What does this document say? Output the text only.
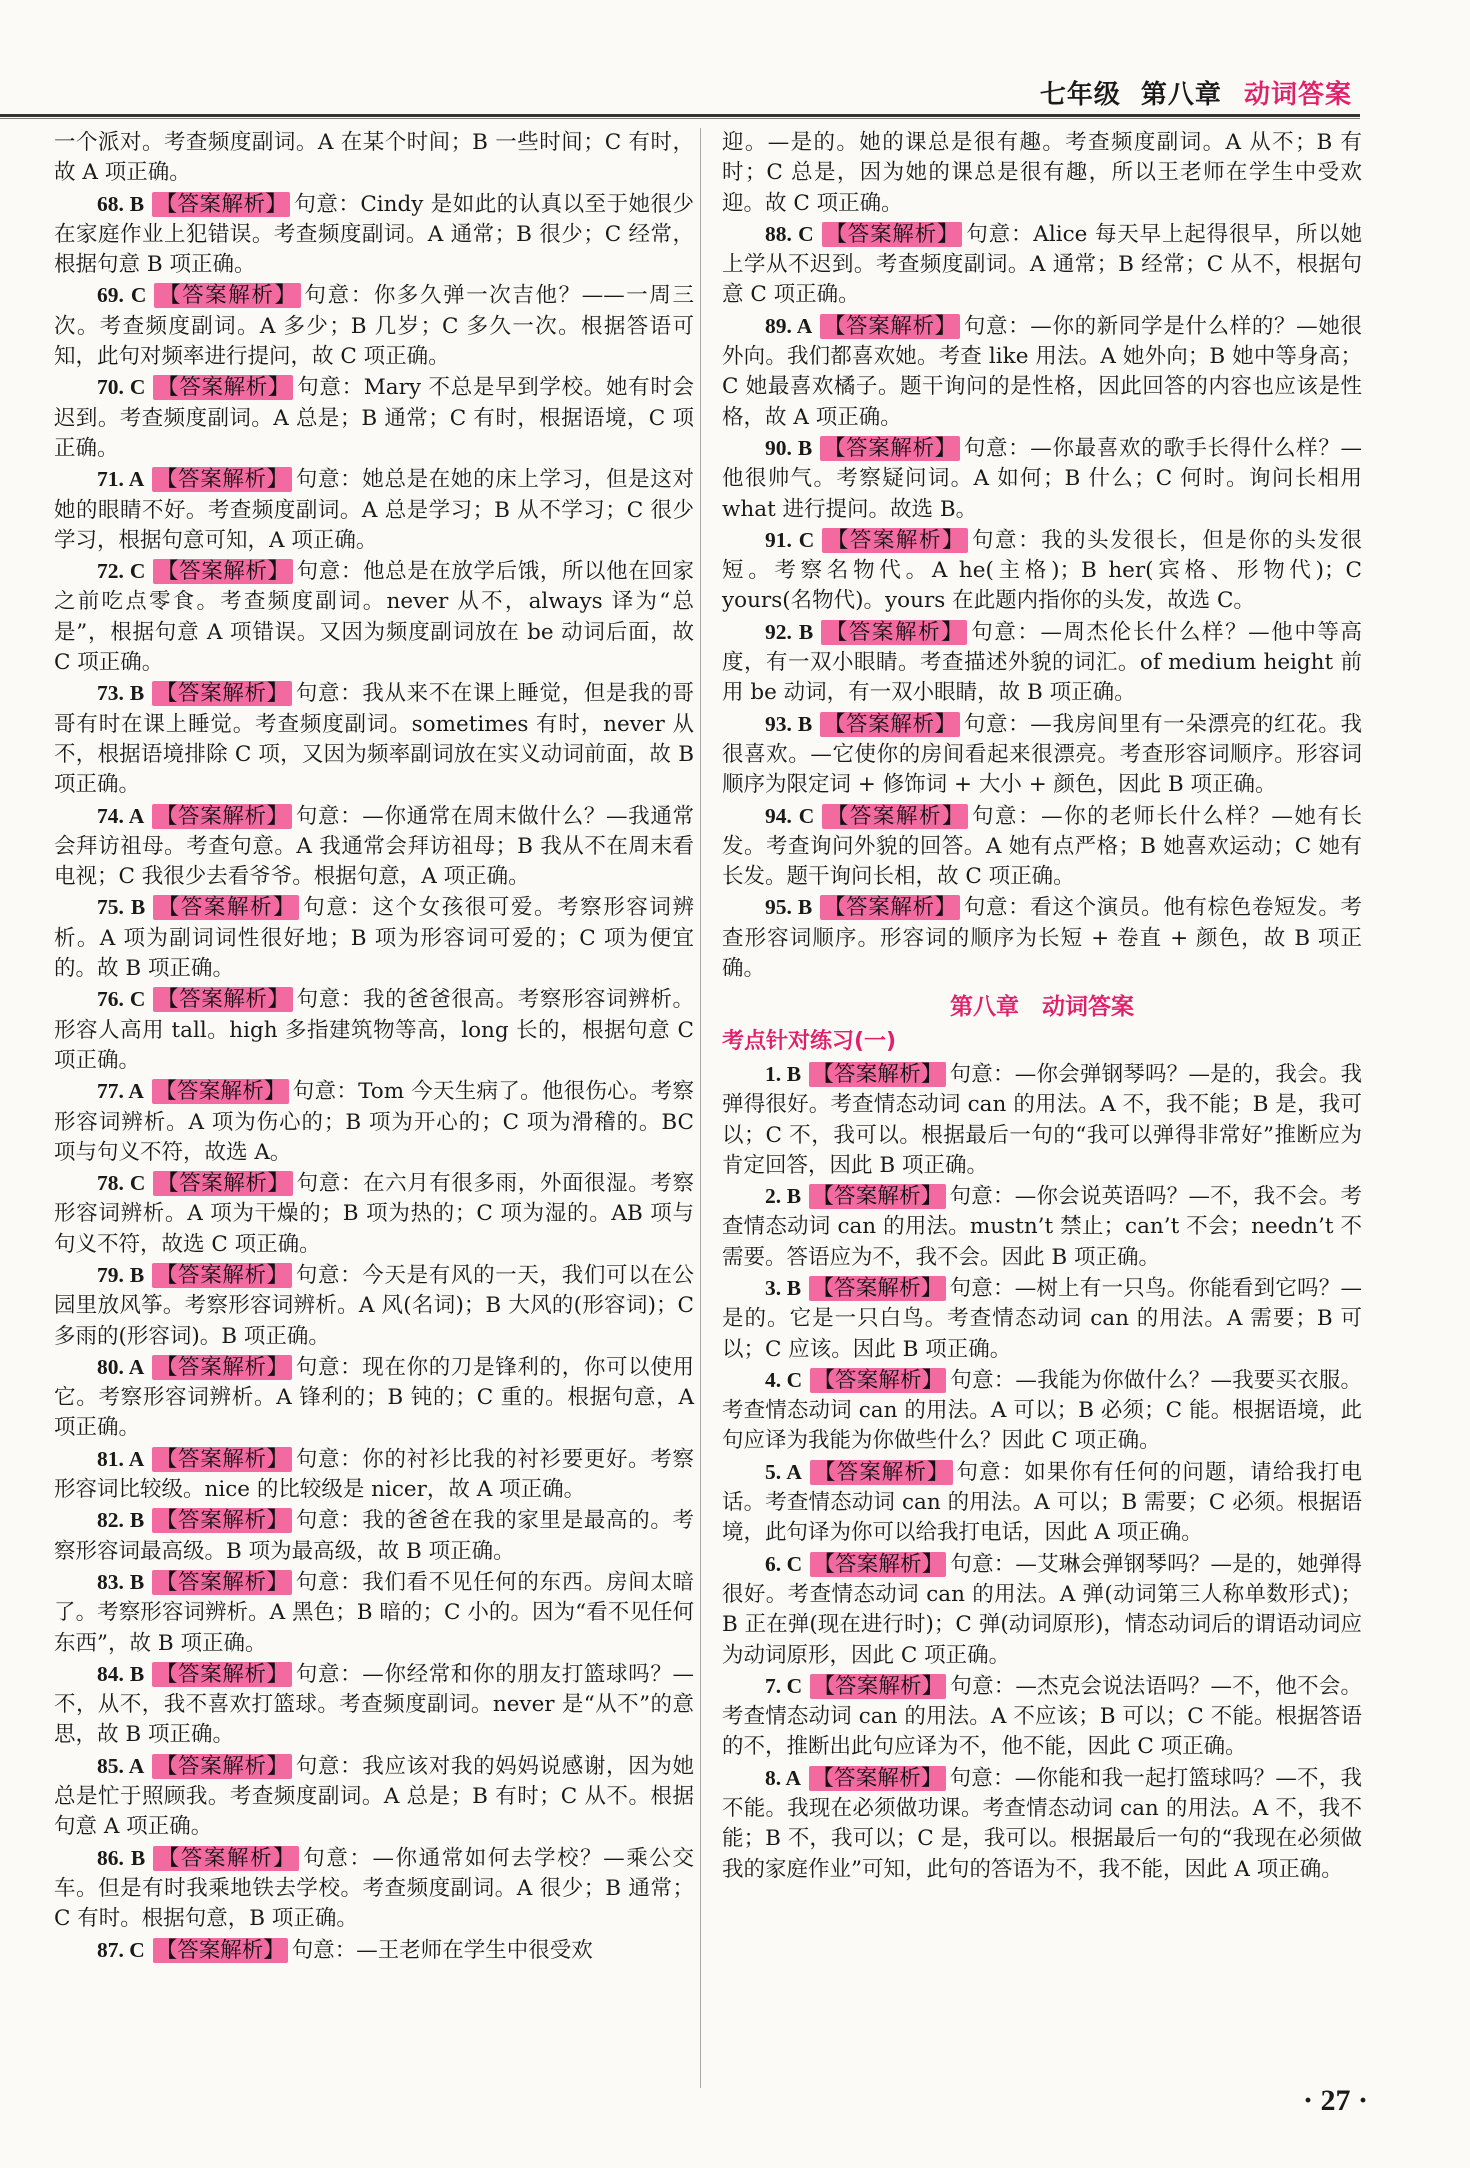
七年级 第八章 动词答案

一个派对。考查频度副词。A 在某个时间；B 一些时间；C 有时，故 A 项正确。

68. B 【答案解析】 句意：Cindy 是如此的认真以至于她很少在家庭作业上犯错误。考查频度副词。A 通常；B 很少；C 经常，根据句意 B 项正确。

69. C 【答案解析】 句意：你多久弹一次吉他？——一周三次。考查频度副词。A 多少；B 几岁；C 多久一次。根据答语可知，此句对频率进行提问，故 C 项正确。

70. C 【答案解析】 句意：Mary 不总是早到学校。她有时会迟到。考查频度副词。A 总是；B 通常；C 有时，根据语境，C 项正确。

71. A 【答案解析】 句意：她总是在她的床上学习，但是这对她的眼睛不好。考查频度副词。A 总是学习；B 从不学习；C 很少学习，根据句意可知，A 项正确。

72. C 【答案解析】 句意：他总是在放学后饿，所以他在回家之前吃点零食。考查频度副词。never 从不，always 译为“总是”，根据句意 A 项错误。又因为频度副词放在 be 动词后面，故 C 项正确。

73. B 【答案解析】 句意：我从来不在课上睡觉，但是我的哥哥有时在课上睡觉。考查频度副词。sometimes 有时，never 从不，根据语境排除 C 项，又因为频率副词放在实义动词前面，故 B 项正确。

74. A 【答案解析】 句意：—你通常在周末做什么？—我通常会拜访祖母。考查句意。A 我通常会拜访祖母；B 我从不在周末看电视；C 我很少去看爷爷。根据句意，A 项正确。

75. B 【答案解析】 句意：这个女孩很可爱。考察形容词辨析。A 项为副词词性很好地；B 项为形容词可爱的；C 项为便宜的。故 B 项正确。

76. C 【答案解析】 句意：我的爸爸很高。考察形容词辨析。形容人高用 tall。high 多指建筑物等高，long 长的，根据句意 C 项正确。

77. A 【答案解析】 句意：Tom 今天生病了。他很伤心。考察形容词辨析。A 项为伤心的；B 项为开心的；C 项为滑稽的。BC 项与句义不符，故选 A。

78. C 【答案解析】 句意：在六月有很多雨，外面很湿。考察形容词辨析。A 项为干燥的；B 项为热的；C 项为湿的。AB 项与句义不符，故选 C 项正确。

79. B 【答案解析】 句意：今天是有风的一天，我们可以在公园里放风筝。考察形容词辨析。A 风(名词)；B 大风的(形容词)；C 多雨的(形容词)。B 项正确。

80. A 【答案解析】 句意：现在你的刀是锋利的，你可以使用它。考察形容词辨析。A 锋利的；B 钝的；C 重的。根据句意，A 项正确。

81. A 【答案解析】 句意：你的衬衫比我的衬衫要更好。考察形容词比较级。nice 的比较级是 nicer，故 A 项正确。

82. B 【答案解析】 句意：我的爸爸在我的家里是最高的。考察形容词最高级。B 项为最高级，故 B 项正确。

83. B 【答案解析】 句意：我们看不见任何的东西。房间太暗了。考察形容词辨析。A 黑色；B 暗的；C 小的。因为“看不见任何东西”，故 B 项正确。

84. B 【答案解析】 句意：—你经常和你的朋友打篮球吗？—不，从不，我不喜欢打篮球。考查频度副词。never 是“从不”的意思，故 B 项正确。

85. A 【答案解析】 句意：我应该对我的妈妈说感谢，因为她总是忙于照顾我。考查频度副词。A 总是；B 有时；C 从不。根据句意 A 项正确。

86. B 【答案解析】 句意：—你通常如何去学校？—乘公交车。但是有时我乘地铁去学校。考查频度副词。A 很少；B 通常；C 有时。根据句意，B 项正确。

87. C 【答案解析】 句意：—王老师在学生中很受欢

迎。—是的。她的课总是很有趣。考查频度副词。A 从不；B 有时；C 总是，因为她的课总是很有趣，所以王老师在学生中受欢迎。故 C 项正确。

88. C 【答案解析】 句意：Alice 每天早上起得很早，所以她上学从不迟到。考查频度副词。A 通常；B 经常；C 从不，根据句意 C 项正确。

89. A 【答案解析】 句意：—你的新同学是什么样的？—她很外向。我们都喜欢她。考查 like 用法。A 她外向；B 她中等身高；C 她最喜欢橘子。题干询问的是性格，因此回答的内容也应该是性格，故 A 项正确。

90. B 【答案解析】 句意：—你最喜欢的歌手长得什么样？—他很帅气。考察疑问词。A 如何；B 什么；C 何时。询问长相用 what 进行提问。故选 B。

91. C 【答案解析】 句意：我的头发很长，但是你的头发很短。考察名物代。A he(主格)；B her(宾格、形物代)；C yours(名物代)。yours 在此题内指你的头发，故选 C。

92. B 【答案解析】 句意：—周杰伦长什么样？—他中等高度，有一双小眼睛。考查描述外貌的词汇。of medium height 前用 be 动词，有一双小眼睛，故 B 项正确。

93. B 【答案解析】 句意：—我房间里有一朵漂亮的红花。我很喜欢。—它使你的房间看起来很漂亮。考查形容词顺序。形容词顺序为限定词 + 修饰词 + 大小 + 颜色，因此 B 项正确。

94. C 【答案解析】 句意：—你的老师长什么样？—她有长发。考查询问外貌的回答。A 她有点严格；B 她喜欢运动；C 她有长发。题干询问长相，故 C 项正确。

95. B 【答案解析】 句意：看这个演员。他有棕色卷短发。考查形容词顺序。形容词的顺序为长短 + 卷直 + 颜色，故 B 项正确。

第八章　动词答案
考点针对练习(一)

1. B 【答案解析】 句意：—你会弹钢琴吗？—是的，我会。我弹得很好。考查情态动词 can 的用法。A 不，我不能；B 是，我可以；C 不，我可以。根据最后一句的“我可以弹得非常好”推断应为肯定回答，因此 B 项正确。

2. B 【答案解析】 句意：—你会说英语吗？—不，我不会。考查情态动词 can 的用法。mustn’t 禁止；can’t 不会；needn’t 不需要。答语应为不，我不会。因此 B 项正确。

3. B 【答案解析】 句意：—树上有一只鸟。你能看到它吗？—是的。它是一只白鸟。考查情态动词 can 的用法。A 需要；B 可以；C 应该。因此 B 项正确。

4. C 【答案解析】 句意：—我能为你做什么？—我要买衣服。考查情态动词 can 的用法。A 可以；B 必须；C 能。根据语境，此句应译为我能为你做些什么？因此 C 项正确。

5. A 【答案解析】 句意：如果你有任何的问题，请给我打电话。考查情态动词 can 的用法。A 可以；B 需要；C 必须。根据语境，此句译为你可以给我打电话，因此 A 项正确。

6. C 【答案解析】 句意：—艾琳会弹钢琴吗？—是的，她弹得很好。考查情态动词 can 的用法。A 弹(动词第三人称单数形式)；B 正在弹(现在进行时)；C 弹(动词原形)，情态动词后的谓语动词应为动词原形，因此 C 项正确。

7. C 【答案解析】 句意：—杰克会说法语吗？—不，他不会。考查情态动词 can 的用法。A 不应该；B 可以；C 不能。根据答语的不，推断出此句应译为不，他不能，因此 C 项正确。

8. A 【答案解析】 句意：—你能和我一起打篮球吗？—不，我不能。我现在必须做功课。考查情态动词 can 的用法。A 不，我不能；B 不，我可以；C 是，我可以。根据最后一句的“我现在必须做我的家庭作业”可知，此句的答语为不，我不能，因此 A 项正确。

· 27 ·
